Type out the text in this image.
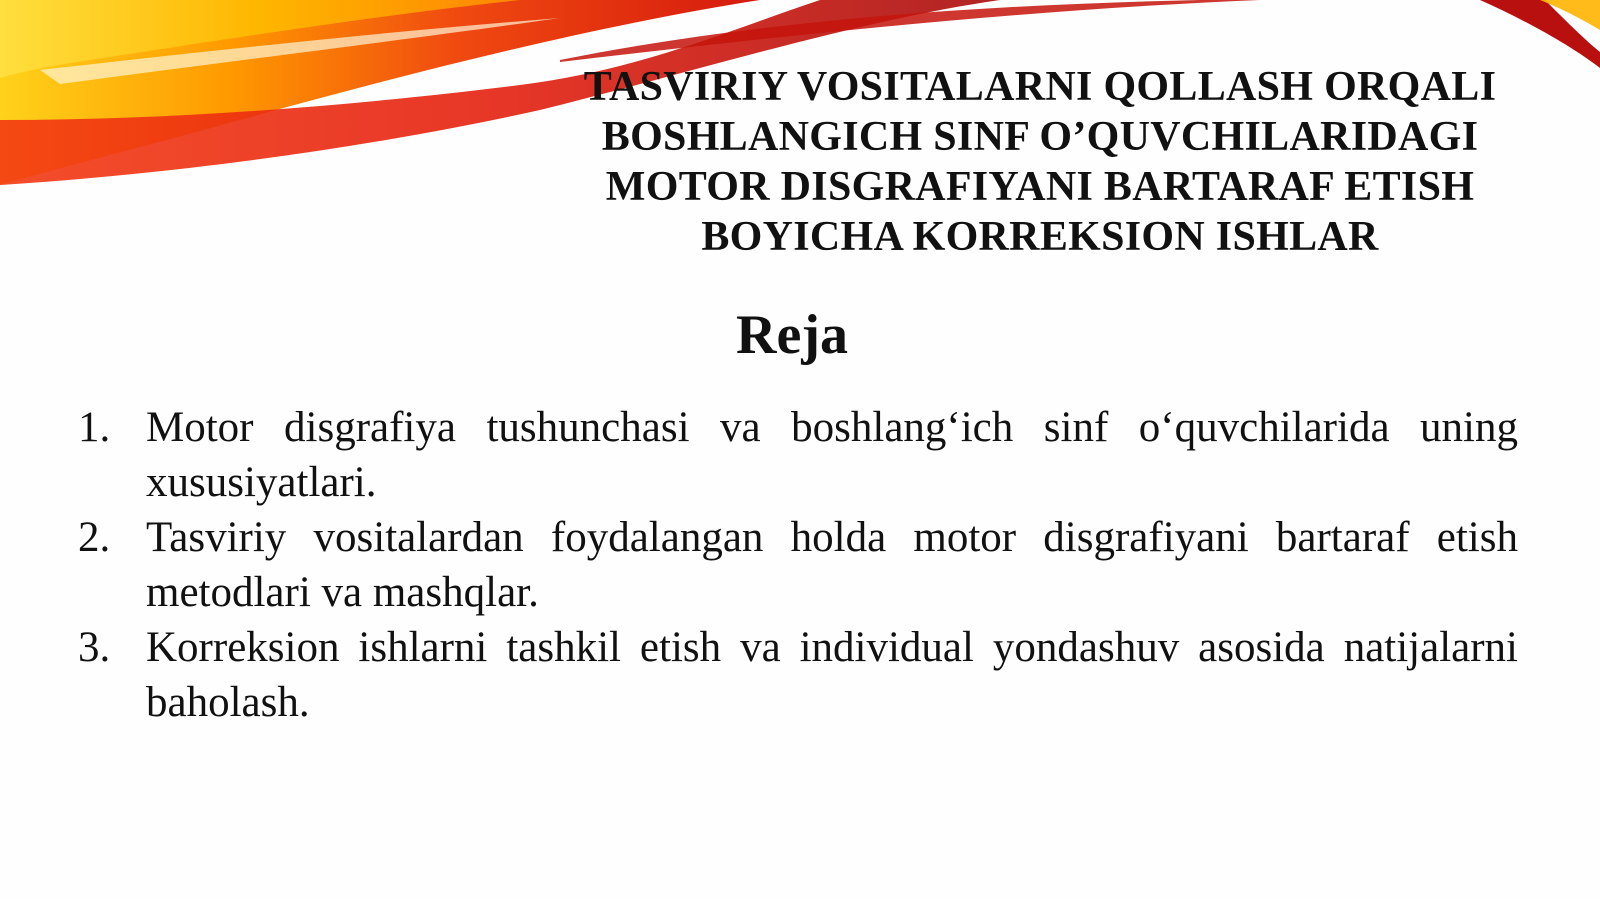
TASVIRIY VOSITALARNI QOLLASH ORQALI
BOSHLANGICH SINF O’QUVCHILARIDAGI
MOTOR DISGRAFIYANI BARTARAF ETISH
BOYICHA KORREKSION ISHLAR
Reja
1. Motor disgrafiya tushunchasi va boshlang‘ich sinf o‘quvchilarida uning xususiyatlari.
2. Tasviriy vositalardan foydalangan holda motor disgrafiyani bartaraf etish metodlari va mashqlar.
3. Korreksion ishlarni tashkil etish va individual yondashuv asosida natijalarni baholash.
